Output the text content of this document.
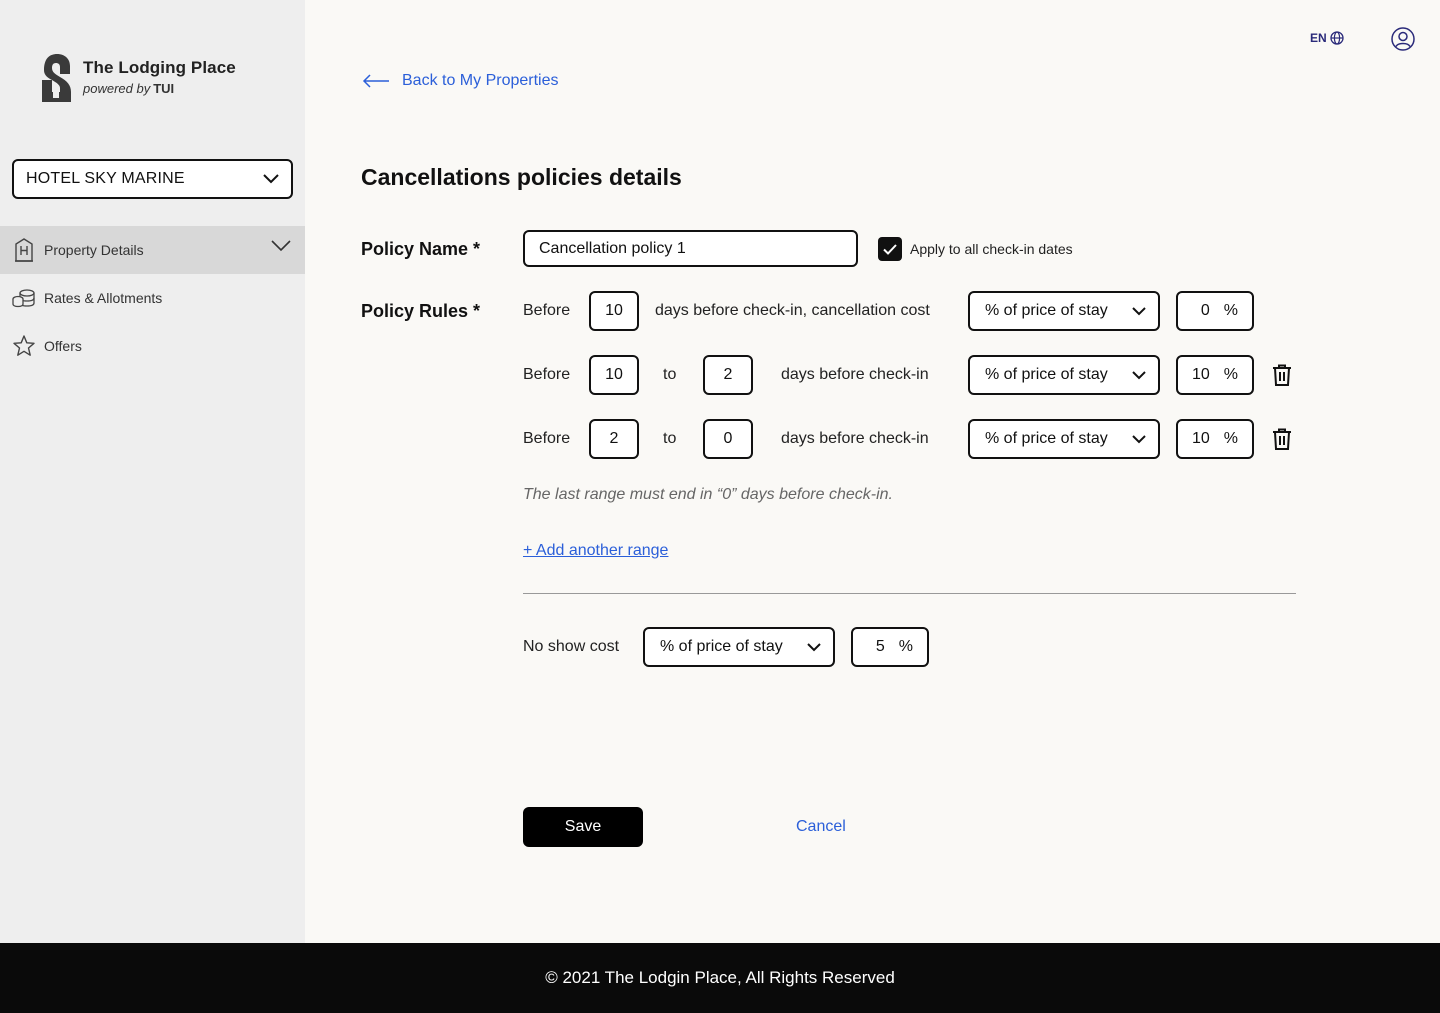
The Lodging Place
powered by TUI
HOTEL SKY MARINE
Property Details
Rates & Allotments
Offers
EN
Back to My Properties
Cancellations policies details
Policy Name *	Cancellation policy 1	Apply to all check-in dates
Policy Rules *	Before 10 days before check-in, cancellation cost	% of price of stay	0 %
Before 10	to	2	days before check-in	% of price of stay	10 %
Before 2	to	0	days before check-in	% of price of stay	10 %
The last range must end in “0” days before check-in.
+ Add another range
No show cost	% of price of stay	5 %
Save	Cancel
© 2021 The Lodgin Place, All Rights Reserved
